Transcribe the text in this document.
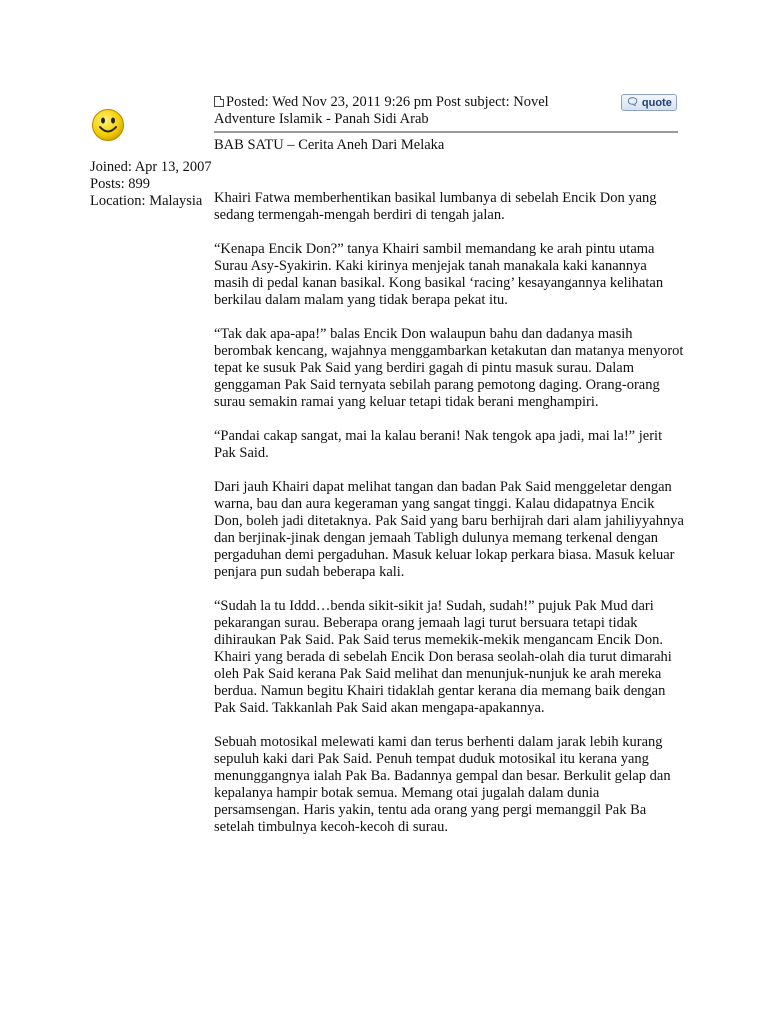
Joined: Apr 13, 2007
Posts: 899
Location: Malaysia
Posted: Wed Nov 23, 2011 9:26 pm Post subject: Novel Adventure Islamik - Panah Sidi Arab
🗨 quote
BAB SATU – Cerita Aneh Dari Melaka

Khairi Fatwa memberhentikan basikal lumbanya di sebelah Encik Don yang sedang termengah-mengah berdiri di tengah jalan.

“Kenapa Encik Don?” tanya Khairi sambil memandang ke arah pintu utama Surau Asy-Syakirin. Kaki kirinya menjejak tanah manakala kaki kanannya masih di pedal kanan basikal. Kong basikal ‘racing’ kesayangannya kelihatan berkilau dalam malam yang tidak berapa pekat itu.

“Tak dak apa-apa!” balas Encik Don walaupun bahu dan dadanya masih berombak kencang, wajahnya menggambarkan ketakutan dan matanya menyorot tepat ke susuk Pak Said yang berdiri gagah di pintu masuk surau. Dalam genggaman Pak Said ternyata sebilah parang pemotong daging. Orang-orang surau semakin ramai yang keluar tetapi tidak berani menghampiri.

“Pandai cakap sangat, mai la kalau berani! Nak tengok apa jadi, mai la!” jerit Pak Said.

Dari jauh Khairi dapat melihat tangan dan badan Pak Said menggeletar dengan warna, bau dan aura kegeraman yang sangat tinggi. Kalau didapatnya Encik Don, boleh jadi ditetaknya. Pak Said yang baru berhijrah dari alam jahiliyyahnya dan berjinak-jinak dengan jemaah Tabligh dulunya memang terkenal dengan pergaduhan demi pergaduhan. Masuk keluar lokap perkara biasa. Masuk keluar penjara pun sudah beberapa kali.

“Sudah la tu Iddd…benda sikit-sikit ja! Sudah, sudah!” pujuk Pak Mud dari pekarangan surau. Beberapa orang jemaah lagi turut bersuara tetapi tidak dihiraukan Pak Said. Pak Said terus memekik-mekik mengancam Encik Don. Khairi yang berada di sebelah Encik Don berasa seolah-olah dia turut dimarahi oleh Pak Said kerana Pak Said melihat dan menunjuk-nunjuk ke arah mereka berdua. Namun begitu Khairi tidaklah gentar kerana dia memang baik dengan Pak Said. Takkanlah Pak Said akan mengapa-apakannya.

Sebuah motosikal melewati kami dan terus berhenti dalam jarak lebih kurang sepuluh kaki dari Pak Said. Penuh tempat duduk motosikal itu kerana yang menunggangnya ialah Pak Ba. Badannya gempal dan besar. Berkulit gelap dan kepalanya hampir botak semua. Memang otai jugalah dalam dunia persamsengan. Haris yakin, tentu ada orang yang pergi memanggil Pak Ba setelah timbulnya kecoh-kecoh di surau.
